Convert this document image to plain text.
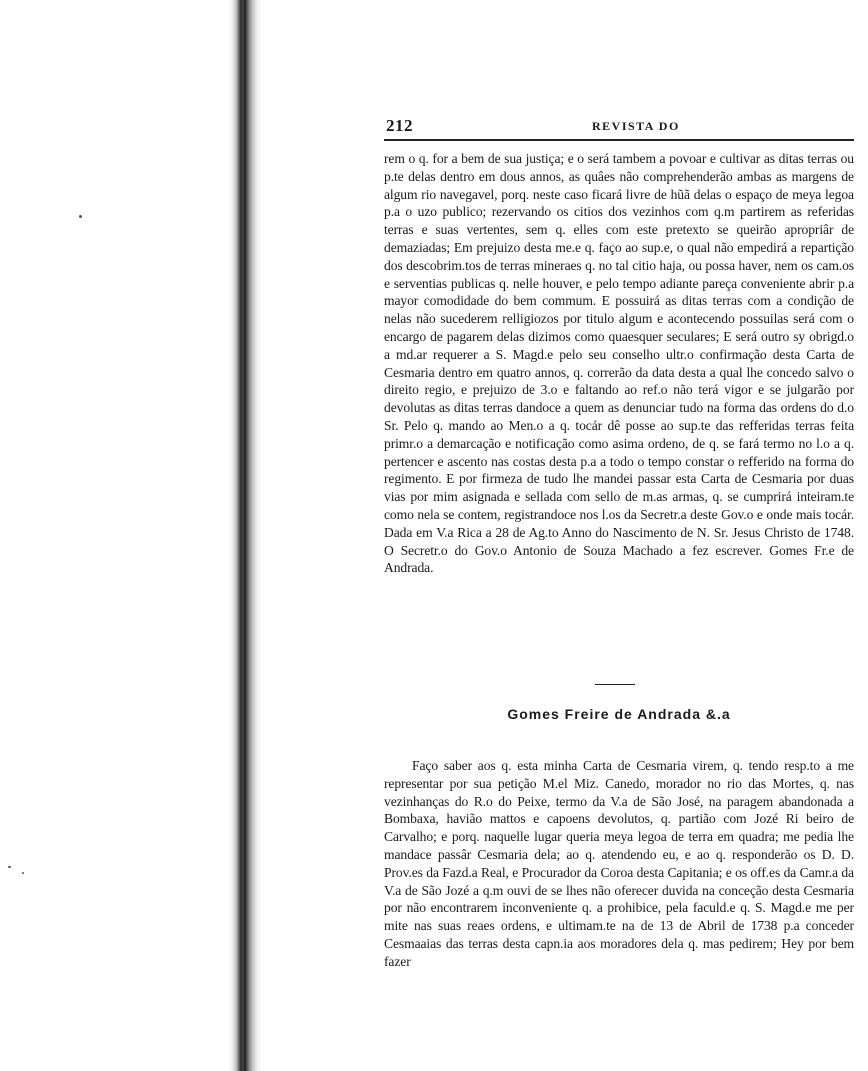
212	REVISTA DO

rem o q. for a bem de sua justiça; e o será tambem a povoar e cultivar as ditas terras ou p.te delas dentro em dous annos, as quâes não comprehenderão ambas as margens de algum rio navegavel, porq. neste caso ficará livre de hũã delas o espaço de meya legoa p.a o uzo publico; rezervando os citios dos vezinhos com q.m partirem as referidas terras e suas vertentes, sem q. elles com este pretexto se queirão apropriâr de demaziadas; Em prejuizo desta me.e q. faço ao sup.e, o qual não empedirá a repartição dos descobrim.tos de terras mineraes q. no tal citio haja, ou possa haver, nem os cam.os e serventias publicas q. nelle houver, e pelo tempo adiante pareça conveniente abrir p.a mayor comodidade do bem commum. E possuirá as ditas terras com a condição de nelas não sucederem relligiozos por titulo algum e acontecendo possuilas será com o encargo de pagarem delas dizimos como quaesquer seculares; E será outro sy obrigd.o a md.ar requerer a S. Magd.e pelo seu conselho ultr.o confirmação desta Carta de Cesmaria dentro em quatro annos, q. correrão da data desta a qual lhe concedo salvo o direito regio, e prejuizo de 3.o e faltando ao ref.o não terá vigor e se julgarão por devolutas as ditas terras dandoce a quem as denunciar tudo na forma das ordens do d.o Sr. Pelo q. mando ao Men.o a q. tocár dê posse ao sup.te das refferidas terras feita primr.o a demarcação e notificação como asima ordeno, de q. se fará termo no l.o a q. pertencer e ascento nas costas desta p.a a todo o tempo constar o refferido na forma do regimento. E por firmeza de tudo lhe mandei passar esta Carta de Cesmaria por duas vias por mim asignada e sellada com sello de m.as armas, q. se cumprirá inteiram.te como nela se contem, registrandoce nos l.os da Secretr.a deste Gov.o e onde mais tocár. Dada em V.a Rica a 28 de Ag.to Anno do Nascimento de N. Sr. Jesus Christo de 1748. O Secretr.o do Gov.o Antonio de Souza Machado a fez escrever. Gomes Fr.e de Andrada.

Gomes Freire de Andrada &.a

Faço saber aos q. esta minha Carta de Cesmaria virem, q. tendo resp.to a me representar por sua petição M.el Miz. Canedo, morador no rio das Mortes, q. nas vezinhanças do R.o do Peixe, termo da V.a de São José, na paragem abandonada a Bombaxa, havião mattos e capoens devolutos, q. partião com Jozé Ri beiro de Carvalho; e porq. naquelle lugar queria meya legoa de terra em quadra; me pedia lhe mandace passâr Cesmaria dela; ao q. atendendo eu, e ao q. responderão os D. D. Prov.es da Fazd.a Real, e Procurador da Coroa desta Capitania; e os off.es da Camr.a da V.a de São Jozé a q.m ouvi de se lhes não oferecer duvida na conceção desta Cesmaria por não encontrarem inconveniente q. a prohibice, pela faculd.e q. S. Magd.e me per mite nas suas reaes ordens, e ultimam.te na de 13 de Abril de 1738 p.a conceder Cesmaaias das terras desta capn.ia aos moradores dela q. mas pedirem; Hey por bem fazer
